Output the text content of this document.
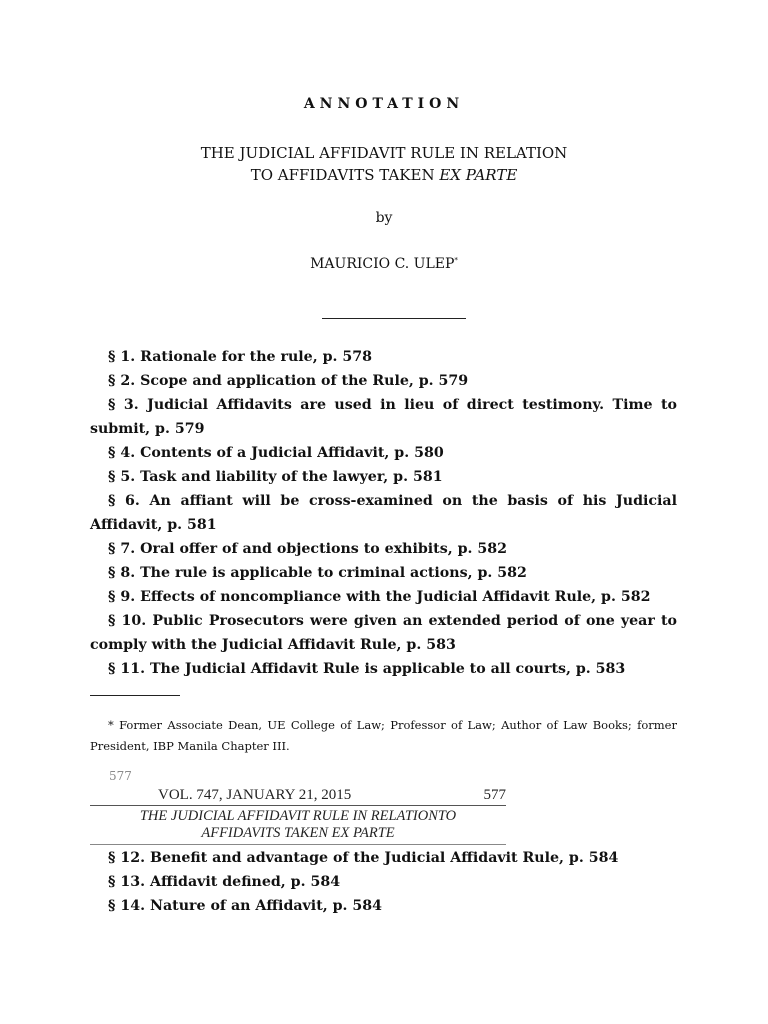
ANNOTATION
THE JUDICIAL AFFIDAVIT RULE IN RELATION
TO AFFIDAVITS TAKEN EX PARTE
by
MAURICIO C. ULEP*

§ 1. Rationale for the rule, p. 578

§ 2. Scope and application of the Rule, p. 579

§ 3. Judicial Affidavits are used in lieu of direct testimony. Time to submit, p. 579

§ 4. Contents of a Judicial Affidavit, p. 580

§ 5. Task and liability of the lawyer, p. 581

§ 6. An affiant will be cross-examined on the basis of his Judicial Affidavit, p. 581

§ 7. Oral offer of and objections to exhibits, p. 582

§ 8. The rule is applicable to criminal actions, p. 582

§ 9. Effects of noncompliance with the Judicial Affidavit Rule, p. 582

§ 10. Public Prosecutors were given an extended period of one year to comply with the Judicial Affidavit Rule, p. 583

§ 11. The Judicial Affidavit Rule is applicable to all courts, p. 583

* Former Associate Dean, UE College of Law; Professor of Law; Author of Law Books; former President, IBP Manila Chapter III.
577
VOL. 747, JANUARY 21, 2015	577
THE JUDICIAL AFFIDAVIT RULE IN RELATIONTO
AFFIDAVITS TAKEN EX PARTE

§ 12. Benefit and advantage of the Judicial Affidavit Rule, p. 584

§ 13. Affidavit defined, p. 584

§ 14. Nature of an Affidavit, p. 584
